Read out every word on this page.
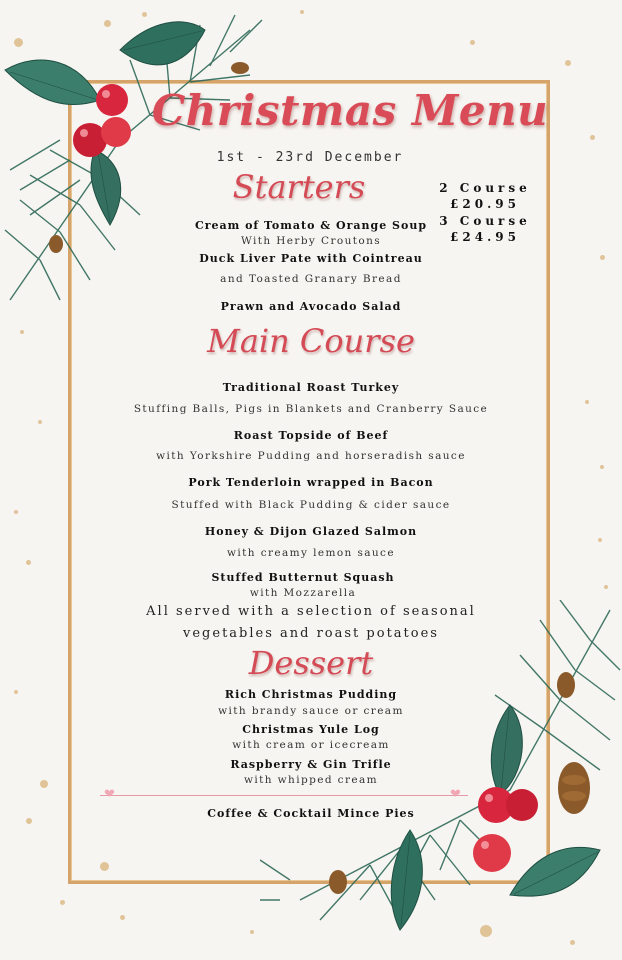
Christmas Menu
1st - 23rd December
2 Course
£20.95
3 Course
£24.95
Starters
Cream of Tomato & Orange Soup
With Herby Croutons
Duck Liver Pate with Cointreau
and Toasted Granary Bread
Prawn and Avocado Salad
Main Course
Traditional Roast Turkey
Stuffing Balls, Pigs in Blankets and Cranberry Sauce
Roast Topside of Beef
with Yorkshire Pudding and horseradish sauce
Pork Tenderloin wrapped in Bacon
Stuffed with Black Pudding & cider sauce
Honey & Dijon Glazed Salmon
with creamy lemon sauce
Stuffed Butternut Squash
with Mozzarella
All served with a selection of seasonal
vegetables and roast potatoes
Dessert
Rich Christmas Pudding
with brandy sauce or cream
Christmas Yule Log
with cream or icecream
Raspberry & Gin Trifle
with whipped cream
❤	❤
Coffee & Cocktail Mince Pies
